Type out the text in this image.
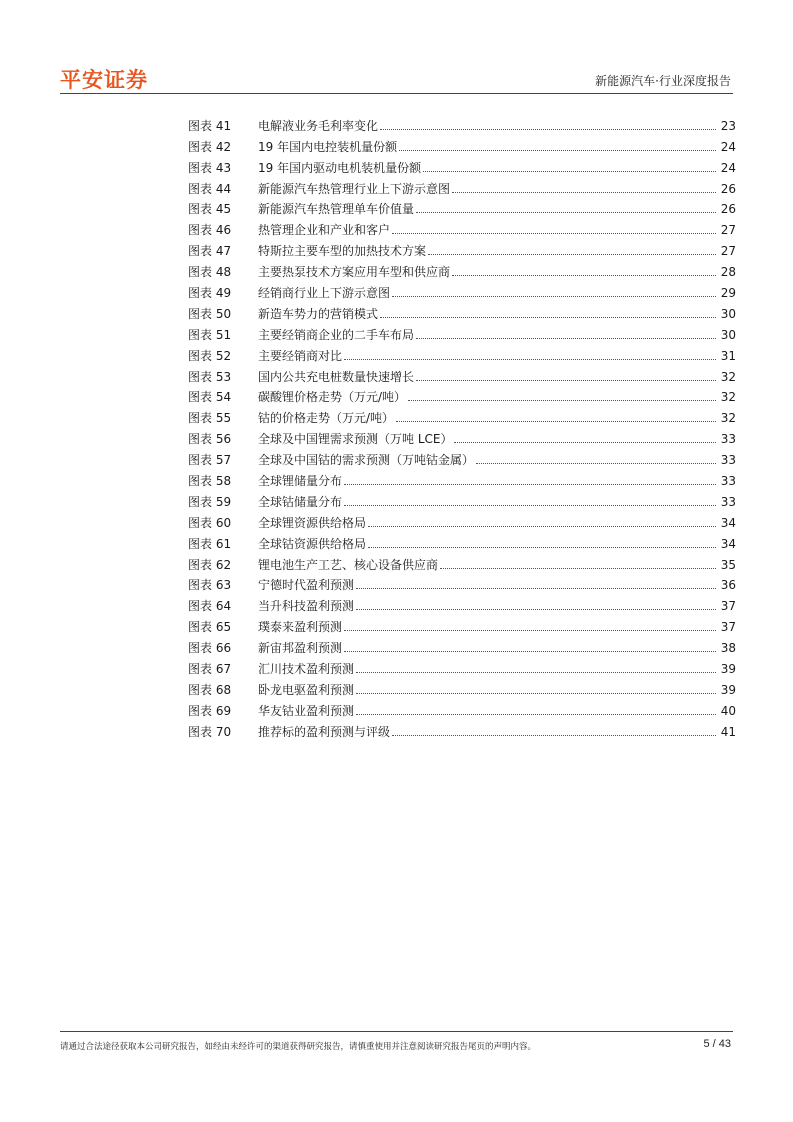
平安证券	新能源汽车·行业深度报告
图表 41	电解液业务毛利率变化	23
图表 42	19 年国内电控装机量份额	24
图表 43	19 年国内驱动电机装机量份额	24
图表 44	新能源汽车热管理行业上下游示意图	26
图表 45	新能源汽车热管理单车价值量	26
图表 46	热管理企业和产业和客户	27
图表 47	特斯拉主要车型的加热技术方案	27
图表 48	主要热泵技术方案应用车型和供应商	28
图表 49	经销商行业上下游示意图	29
图表 50	新造车势力的营销模式	30
图表 51	主要经销商企业的二手车布局	30
图表 52	主要经销商对比	31
图表 53	国内公共充电桩数量快速增长	32
图表 54	碳酸锂价格走势（万元/吨）	32
图表 55	钴的价格走势（万元/吨）	32
图表 56	全球及中国锂需求预测（万吨 LCE）	33
图表 57	全球及中国钴的需求预测（万吨钴金属）	33
图表 58	全球锂储量分布	33
图表 59	全球钴储量分布	33
图表 60	全球锂资源供给格局	34
图表 61	全球钴资源供给格局	34
图表 62	锂电池生产工艺、核心设备供应商	35
图表 63	宁德时代盈利预测	36
图表 64	当升科技盈利预测	37
图表 65	璞泰来盈利预测	37
图表 66	新宙邦盈利预测	38
图表 67	汇川技术盈利预测	39
图表 68	卧龙电驱盈利预测	39
图表 69	华友钴业盈利预测	40
图表 70	推荐标的盈利预测与评级	41
请通过合法途径获取本公司研究报告，如经由未经许可的渠道获得研究报告，请慎重使用并注意阅读研究报告尾页的声明内容。	5 / 43
